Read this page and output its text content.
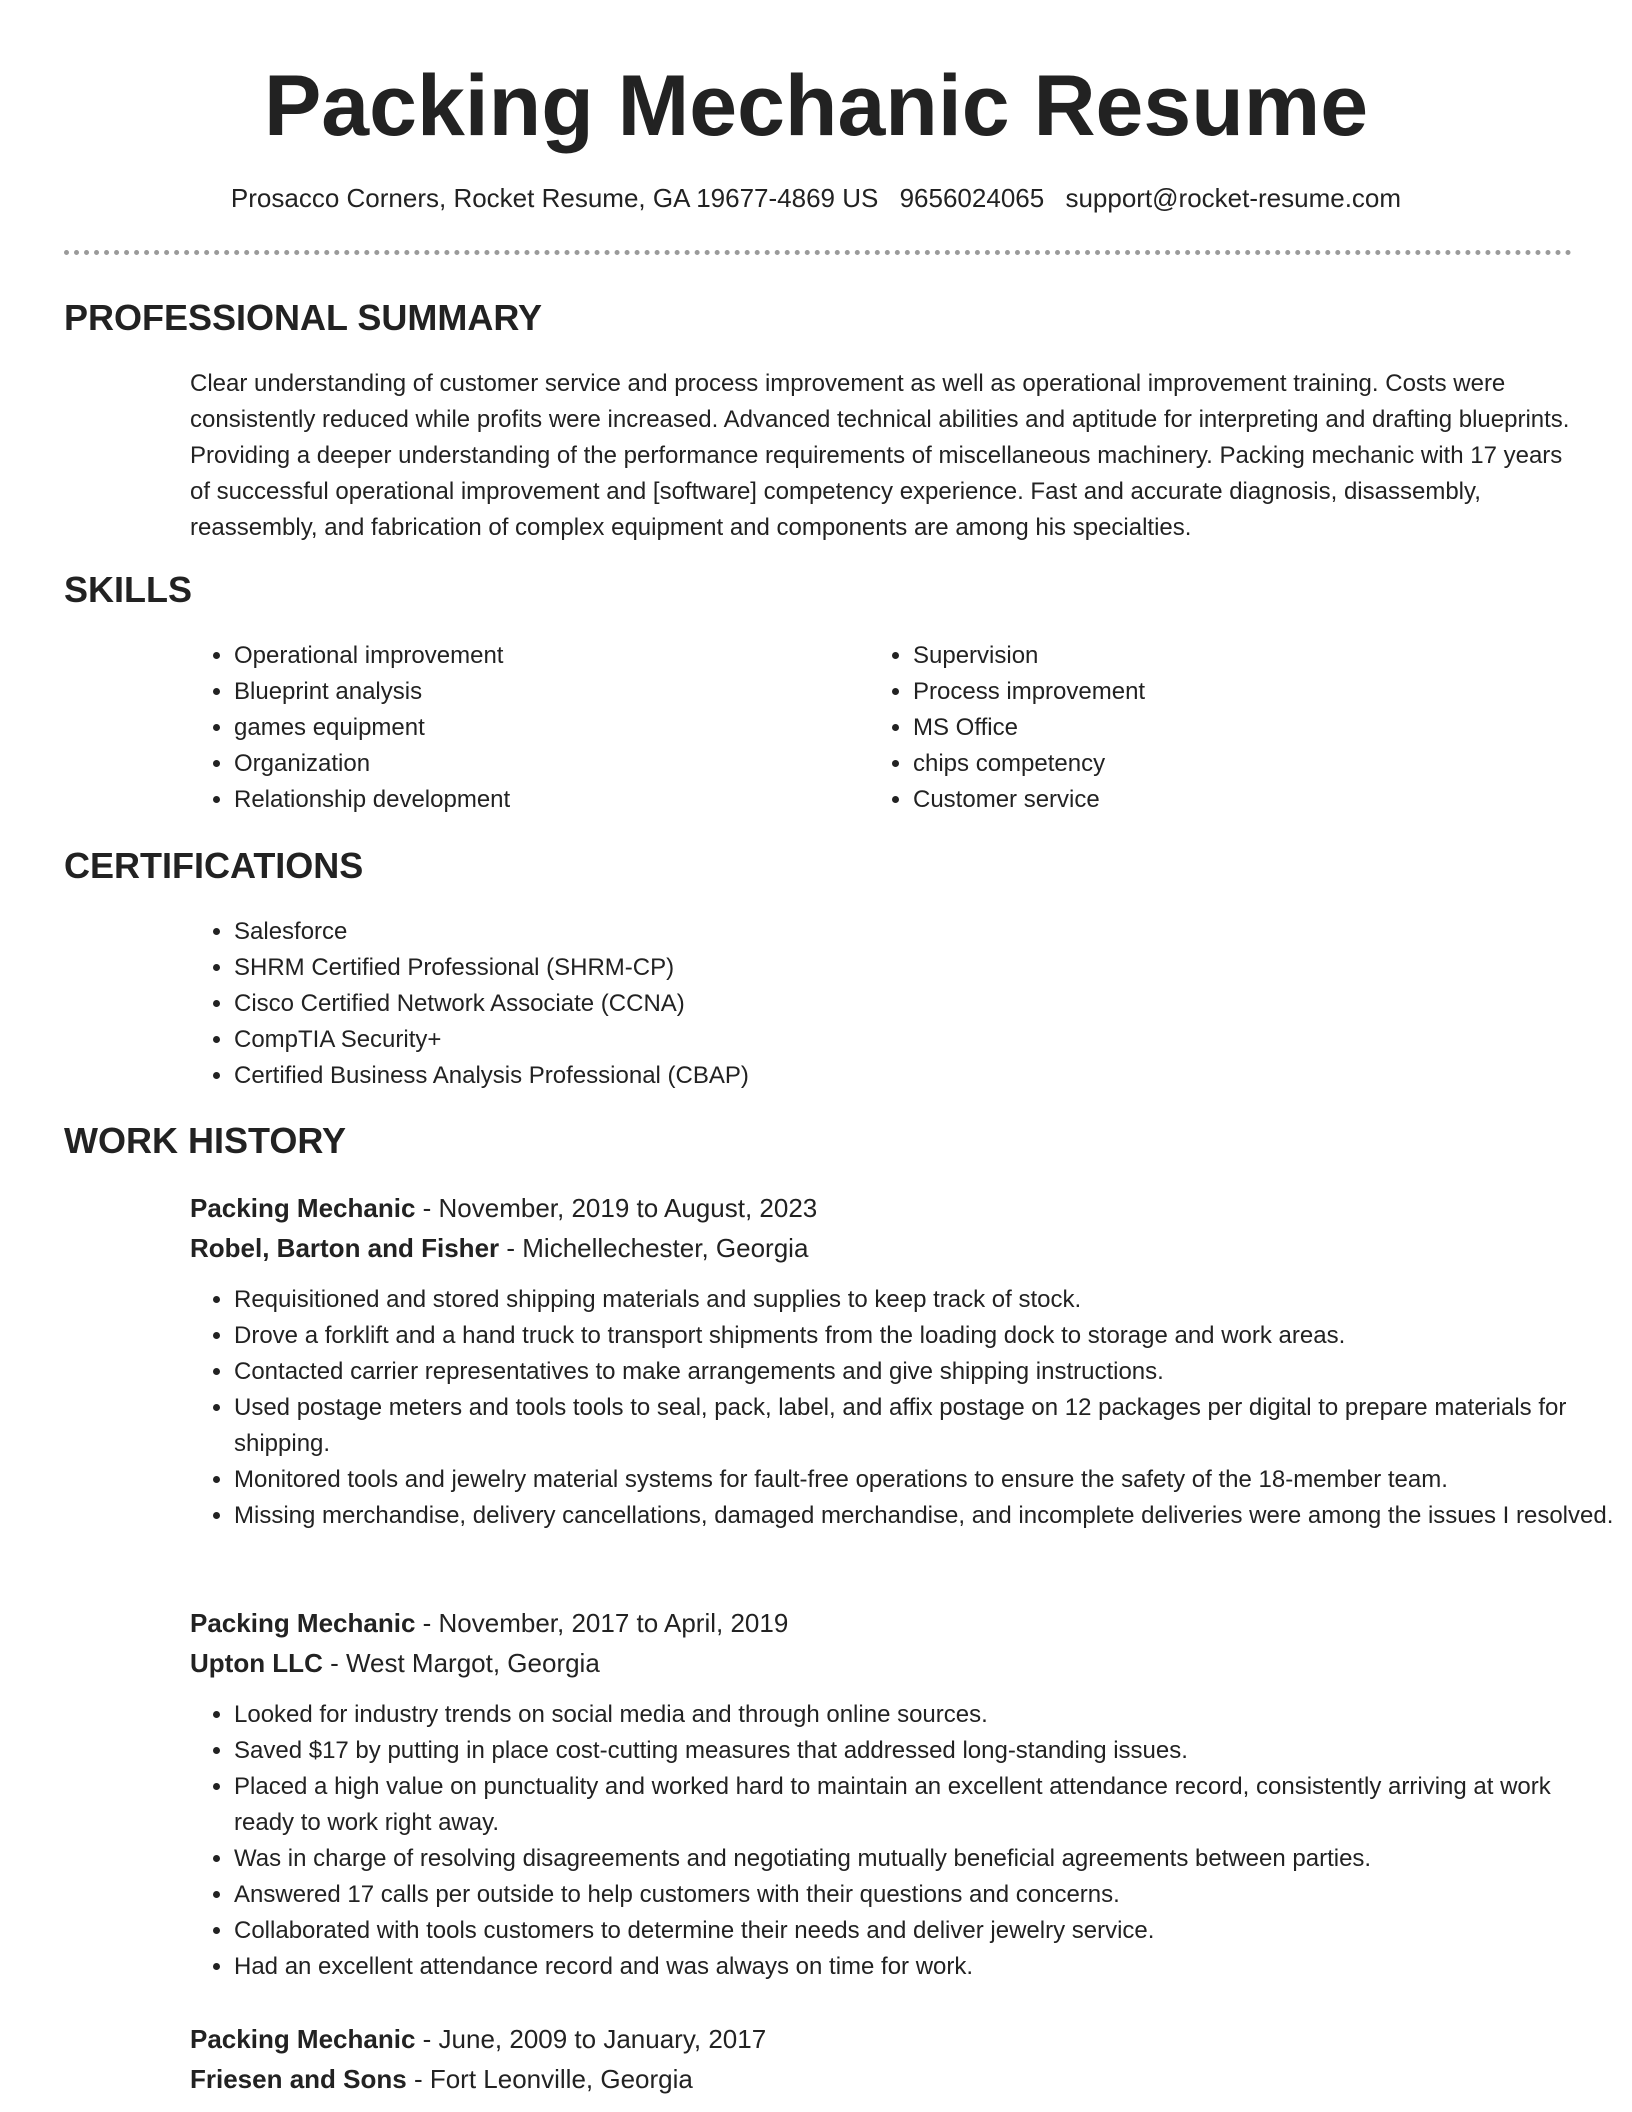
Packing Mechanic Resume
Prosacco Corners, Rocket Resume, GA 19677-4869 US 9656024065 support@rocket-resume.com
PROFESSIONAL SUMMARY

Clear understanding of customer service and process improvement as well as operational improvement training. Costs were consistently reduced while profits were increased. Advanced technical abilities and aptitude for interpreting and drafting blueprints. Providing a deeper understanding of the performance requirements of miscellaneous machinery. Packing mechanic with 17 years of successful operational improvement and [software] competency experience. Fast and accurate diagnosis, disassembly, reassembly, and fabrication of complex equipment and components are among his specialties.

SKILLS
• Operational improvement
• Blueprint analysis
• games equipment
• Organization
• Relationship development
• Supervision
• Process improvement
• MS Office
• chips competency
• Customer service
CERTIFICATIONS
• Salesforce
• SHRM Certified Professional (SHRM-CP)
• Cisco Certified Network Associate (CCNA)
• CompTIA Security+
• Certified Business Analysis Professional (CBAP)
WORK HISTORY
Packing Mechanic - November, 2019 to August, 2023
Robel, Barton and Fisher - Michellechester, Georgia
• Requisitioned and stored shipping materials and supplies to keep track of stock.
• Drove a forklift and a hand truck to transport shipments from the loading dock to storage and work areas.
• Contacted carrier representatives to make arrangements and give shipping instructions.
• Used postage meters and tools tools to seal, pack, label, and affix postage on 12 packages per digital to prepare materials for shipping.
• Monitored tools and jewelry material systems for fault-free operations to ensure the safety of the 18-member team.
• Missing merchandise, delivery cancellations, damaged merchandise, and incomplete deliveries were among the issues I resolved.
Packing Mechanic - November, 2017 to April, 2019
Upton LLC - West Margot, Georgia
• Looked for industry trends on social media and through online sources.
• Saved $17 by putting in place cost-cutting measures that addressed long-standing issues.
• Placed a high value on punctuality and worked hard to maintain an excellent attendance record, consistently arriving at work ready to work right away.
• Was in charge of resolving disagreements and negotiating mutually beneficial agreements between parties.
• Answered 17 calls per outside to help customers with their questions and concerns.
• Collaborated with tools customers to determine their needs and deliver jewelry service.
• Had an excellent attendance record and was always on time for work.
Packing Mechanic - June, 2009 to January, 2017
Friesen and Sons - Fort Leonville, Georgia
